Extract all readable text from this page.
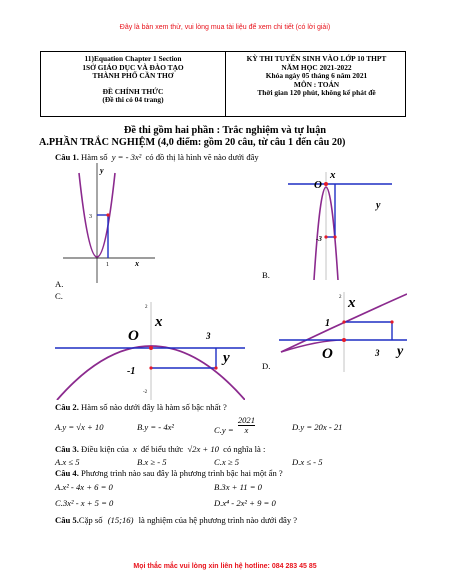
Đây là bản xem thử, vui lòng mua tài liệu để xem chi tiết (có lời giải)
11)Equation Chapter 1 Section
1SỞ GIÁO DỤC VÀ ĐÀO TẠO
THÀNH PHỐ CẦN THƠ
ĐỀ CHÍNH THỨC
(Đề thi có 04 trang)
KỲ THI TUYỂN SINH VÀO LỚP 10 THPT
NĂM HỌC 2021-2022
Khóa ngày 05 tháng 6 năm 2021
MÔN : TOÁN
Thời gian 120 phút, không kể phát đề
Đề thi gồm hai phần : Trắc nghiệm và tự luận
A.PHẦN TRẮC NGHIỆM (4,0 điểm: gồm 20 câu, từ câu 1 đến câu 20)
Câu 1. Hàm số y = - 3x² có đồ thị là hình vẽ nào dưới đây
y
x
3
1
A.
O
x
y
-3
B.
C.
2
-2
O
x
3
y
-1
2 x
1
O	3 y
D.
Câu 2. Hàm số nào dưới đây là hàm số bậc nhất ?
A.y = √x + 10	B.y = - 4x²	$C.y = \frac{2021}{x}$	D.y = 20x - 21
Câu 3. Điều kiện của x để biểu thức √2x + 10 có nghĩa là :
A.x ≤ 5	B.x ≥ - 5	C.x ≥ 5	D.x ≤ - 5
Câu 4. Phương trình nào sau đây là phương trình bậc hai một ẩn ?
A.x² - 4x + 6 = 0	B.3x + 11 = 0
C.3x² - x + 5 = 0	D.x⁴ - 2x² + 9 = 0
Câu 5.Cặp số (15;16) là nghiệm của hệ phương trình nào dưới đây ?
Mọi thắc mắc vui lòng xin liên hệ hotline: 084 283 45 85
